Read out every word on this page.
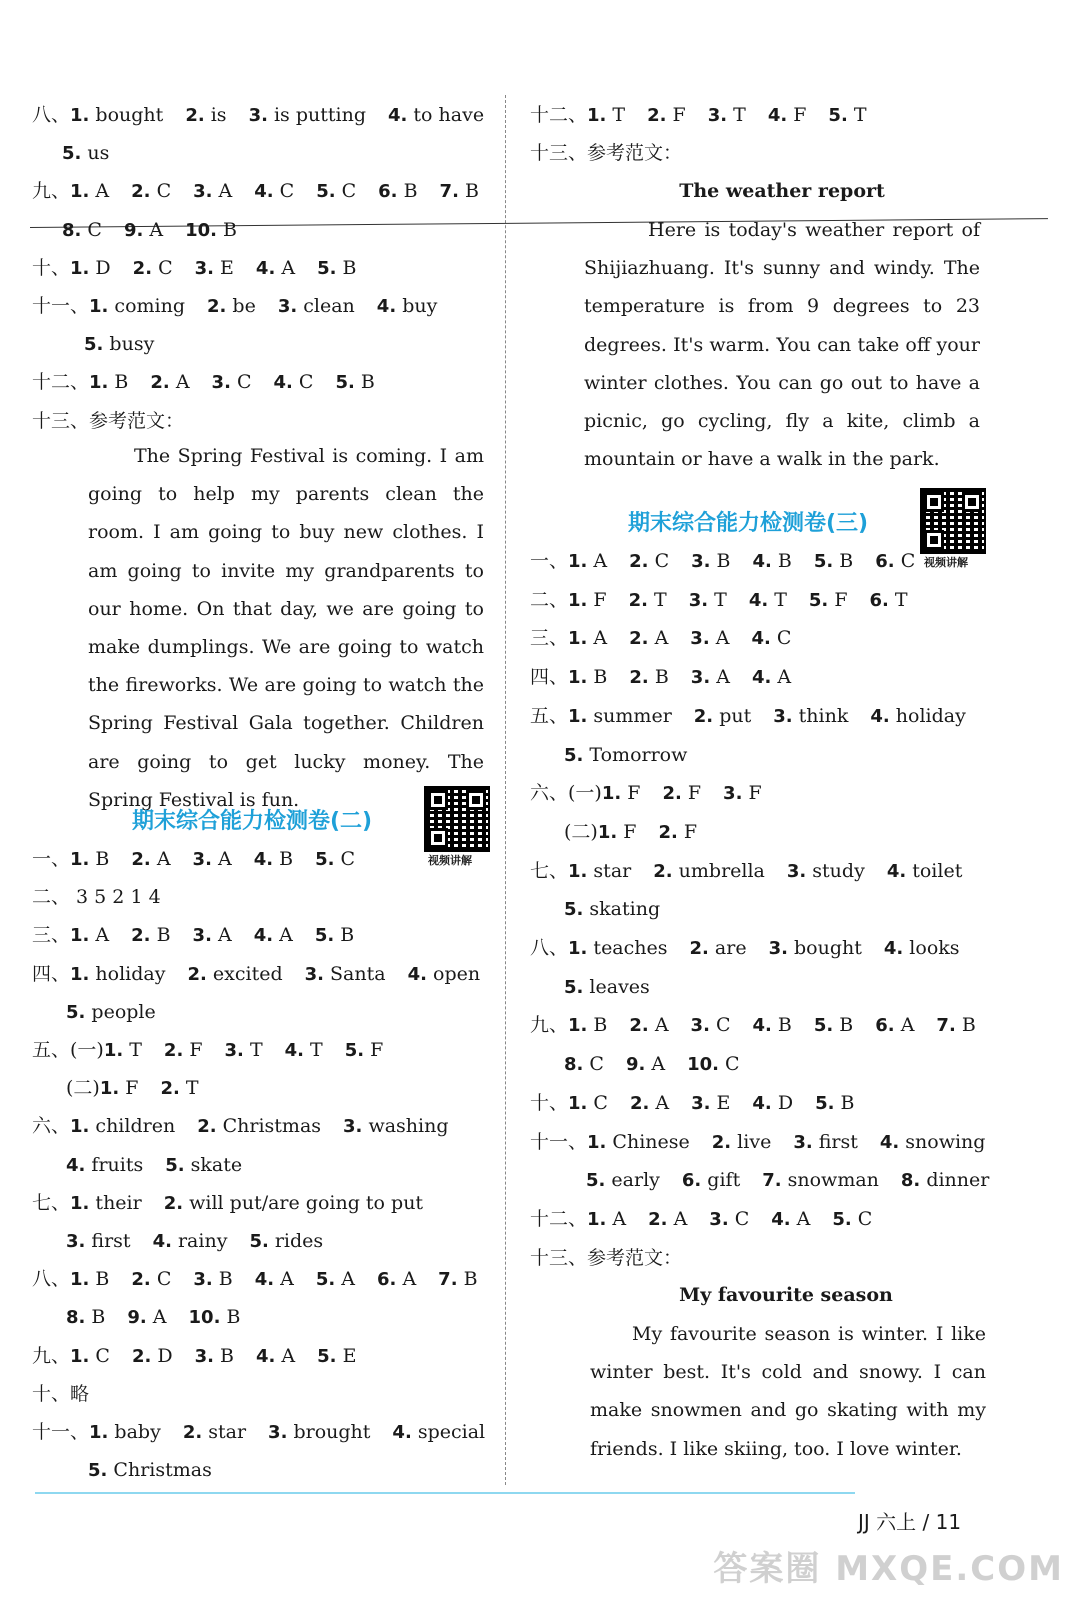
八、1. bought 2. is 3. is putting 4. to have
5. us
九、1. A 2. C 3. A 4. C 5. C 6. B 7. B
8. C 9. A 10. B
十、1. D 2. C 3. E 4. A 5. B
十一、1. coming 2. be 3. clean 4. buy
5. busy
十二、1. B 2. A 3. C 4. C 5. B
十三、参考范文：
The Spring Festival is coming. I am going to help my parents clean the room. I am going to buy new clothes. I am going to invite my grandparents to our home. On that day, we are going to make dumplings. We are going to watch the fireworks. We are going to watch the Spring Festival Gala together. Children are going to get lucky money. The Spring Festival is fun.
期末综合能力检测卷(二)
视频讲解
一、1. B 2. A 3. A 4. B 5. C
二、 3 5 2 1 4
三、1. A 2. B 3. A 4. A 5. B
四、1. holiday 2. excited 3. Santa 4. open
5. people
五、(一)1. T 2. F 3. T 4. T 5. F
(二)1. F 2. T
六、1. children 2. Christmas 3. washing
4. fruits 5. skate
七、1. their 2. will put/are going to put
3. first 4. rainy 5. rides
八、1. B 2. C 3. B 4. A 5. A 6. A 7. B
8. B 9. A 10. B
九、1. C 2. D 3. B 4. A 5. E
十、略
十一、1. baby 2. star 3. brought 4. special
5. Christmas
十二、1. T 2. F 3. T 4. F 5. T
十三、参考范文：
The weather report
Here is today's weather report of Shijiazhuang. It's sunny and windy. The temperature is from 9 degrees to 23 degrees. It's warm. You can take off your winter clothes. You can go out to have a picnic, go cycling, fly a kite, climb a mountain or have a walk in the park.
期末综合能力检测卷(三)
视频讲解
一、1. A 2. C 3. B 4. B 5. B 6. C
二、1. F 2. T 3. T 4. T 5. F 6. T
三、1. A 2. A 3. A 4. C
四、1. B 2. B 3. A 4. A
五、1. summer 2. put 3. think 4. holiday
5. Tomorrow
六、(一)1. F 2. F 3. F
(二)1. F 2. F
七、1. star 2. umbrella 3. study 4. toilet
5. skating
八、1. teaches 2. are 3. bought 4. looks
5. leaves
九、1. B 2. A 3. C 4. B 5. B 6. A 7. B
8. C 9. A 10. C
十、1. C 2. A 3. E 4. D 5. B
十一、1. Chinese 2. live 3. first 4. snowing
5. early 6. gift 7. snowman 8. dinner
十二、1. A 2. A 3. C 4. A 5. C
十三、参考范文：
My favourite season
My favourite season is winter. I like winter best. It's cold and snowy. I can make snowmen and go skating with my friends. I like skiing, too. I love winter.
JJ 六上 / 11
答案圈 MXQE.COM
